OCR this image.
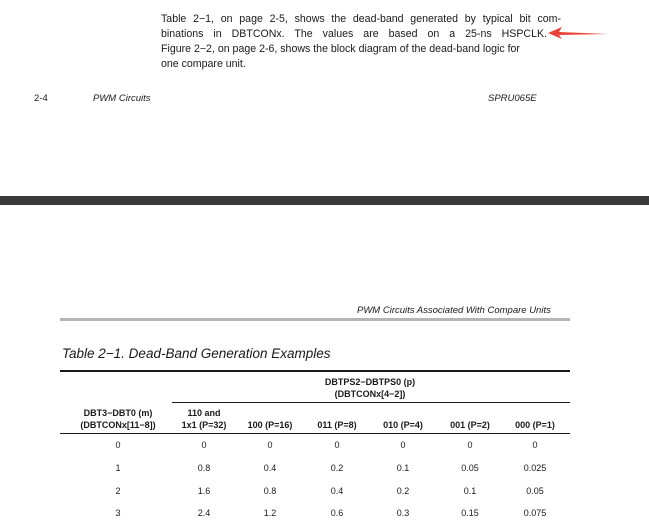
Table 2−1, on page 2-5, shows the dead-band generated by typical bit com-
binations in DBTCONx. The values are based on a 25-ns HSPCLK.
Figure 2−2, on page 2-6, shows the block diagram of the dead-band logic for
one compare unit.
2-4	PWM Circuits	SPRU065E
PWM Circuits Associated With Compare Units
Table 2−1. Dead-Band Generation Examples
DBTPS2−DBTPS0 (p)
(DBTCONx[4−2])
DBT3−DBT0 (m)
(DBTCONx[11−8])
110 and
1x1 (P=32)	100 (P=16)	011 (P=8)	010 (P=4)	001 (P=2)	000 (P=1)
0	0	0	0	0	0	0
1	0.8	0.4	0.2	0.1	0.05	0.025
2	1.6	0.8	0.4	0.2	0.1	0.05
3	2.4	1.2	0.6	0.3	0.15	0.075
